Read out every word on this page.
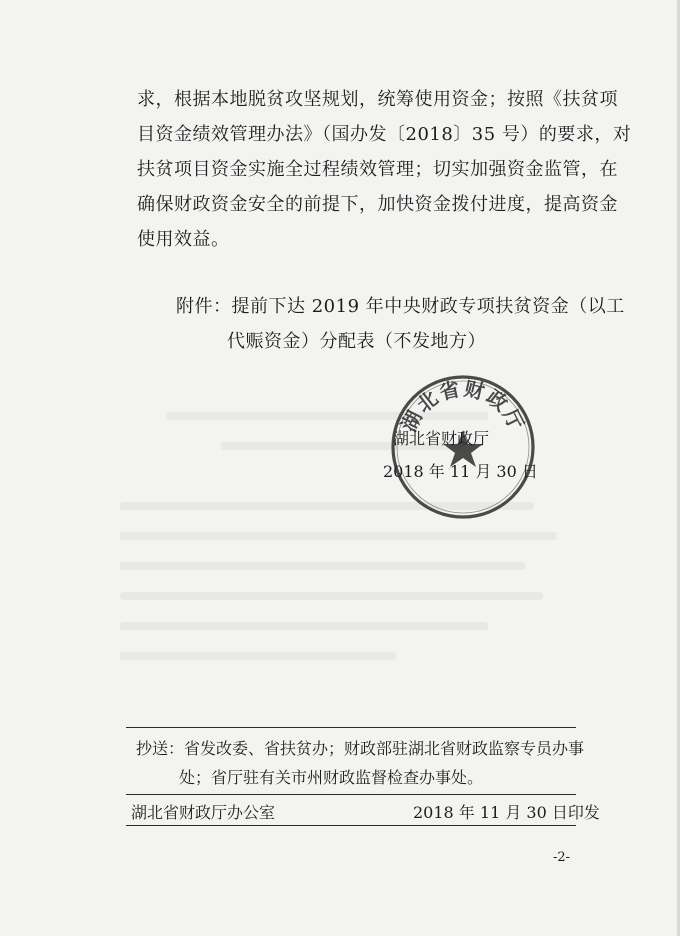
求，根据本地脱贫攻坚规划，统筹使用资金；按照《扶贫项

目资金绩效管理办法》（国办发〔2018〕35 号）的要求，对

扶贫项目资金实施全过程绩效管理；切实加强资金监管，在

确保财政资金安全的前提下，加快资金拨付进度，提高资金

使用效益。

附件：提前下达 2019 年中央财政专项扶贫资金（以工

代赈资金）分配表（不发地方）

湖北省财政厅
湖北省财政厅
2018 年 11 月 30 日

抄送：省发改委、省扶贫办；财政部驻湖北省财政监察专员办事

处；省厅驻有关市州财政监督检查办事处。

湖北省财政厅办公室	2018 年 11 月 30 日印发
-2-
